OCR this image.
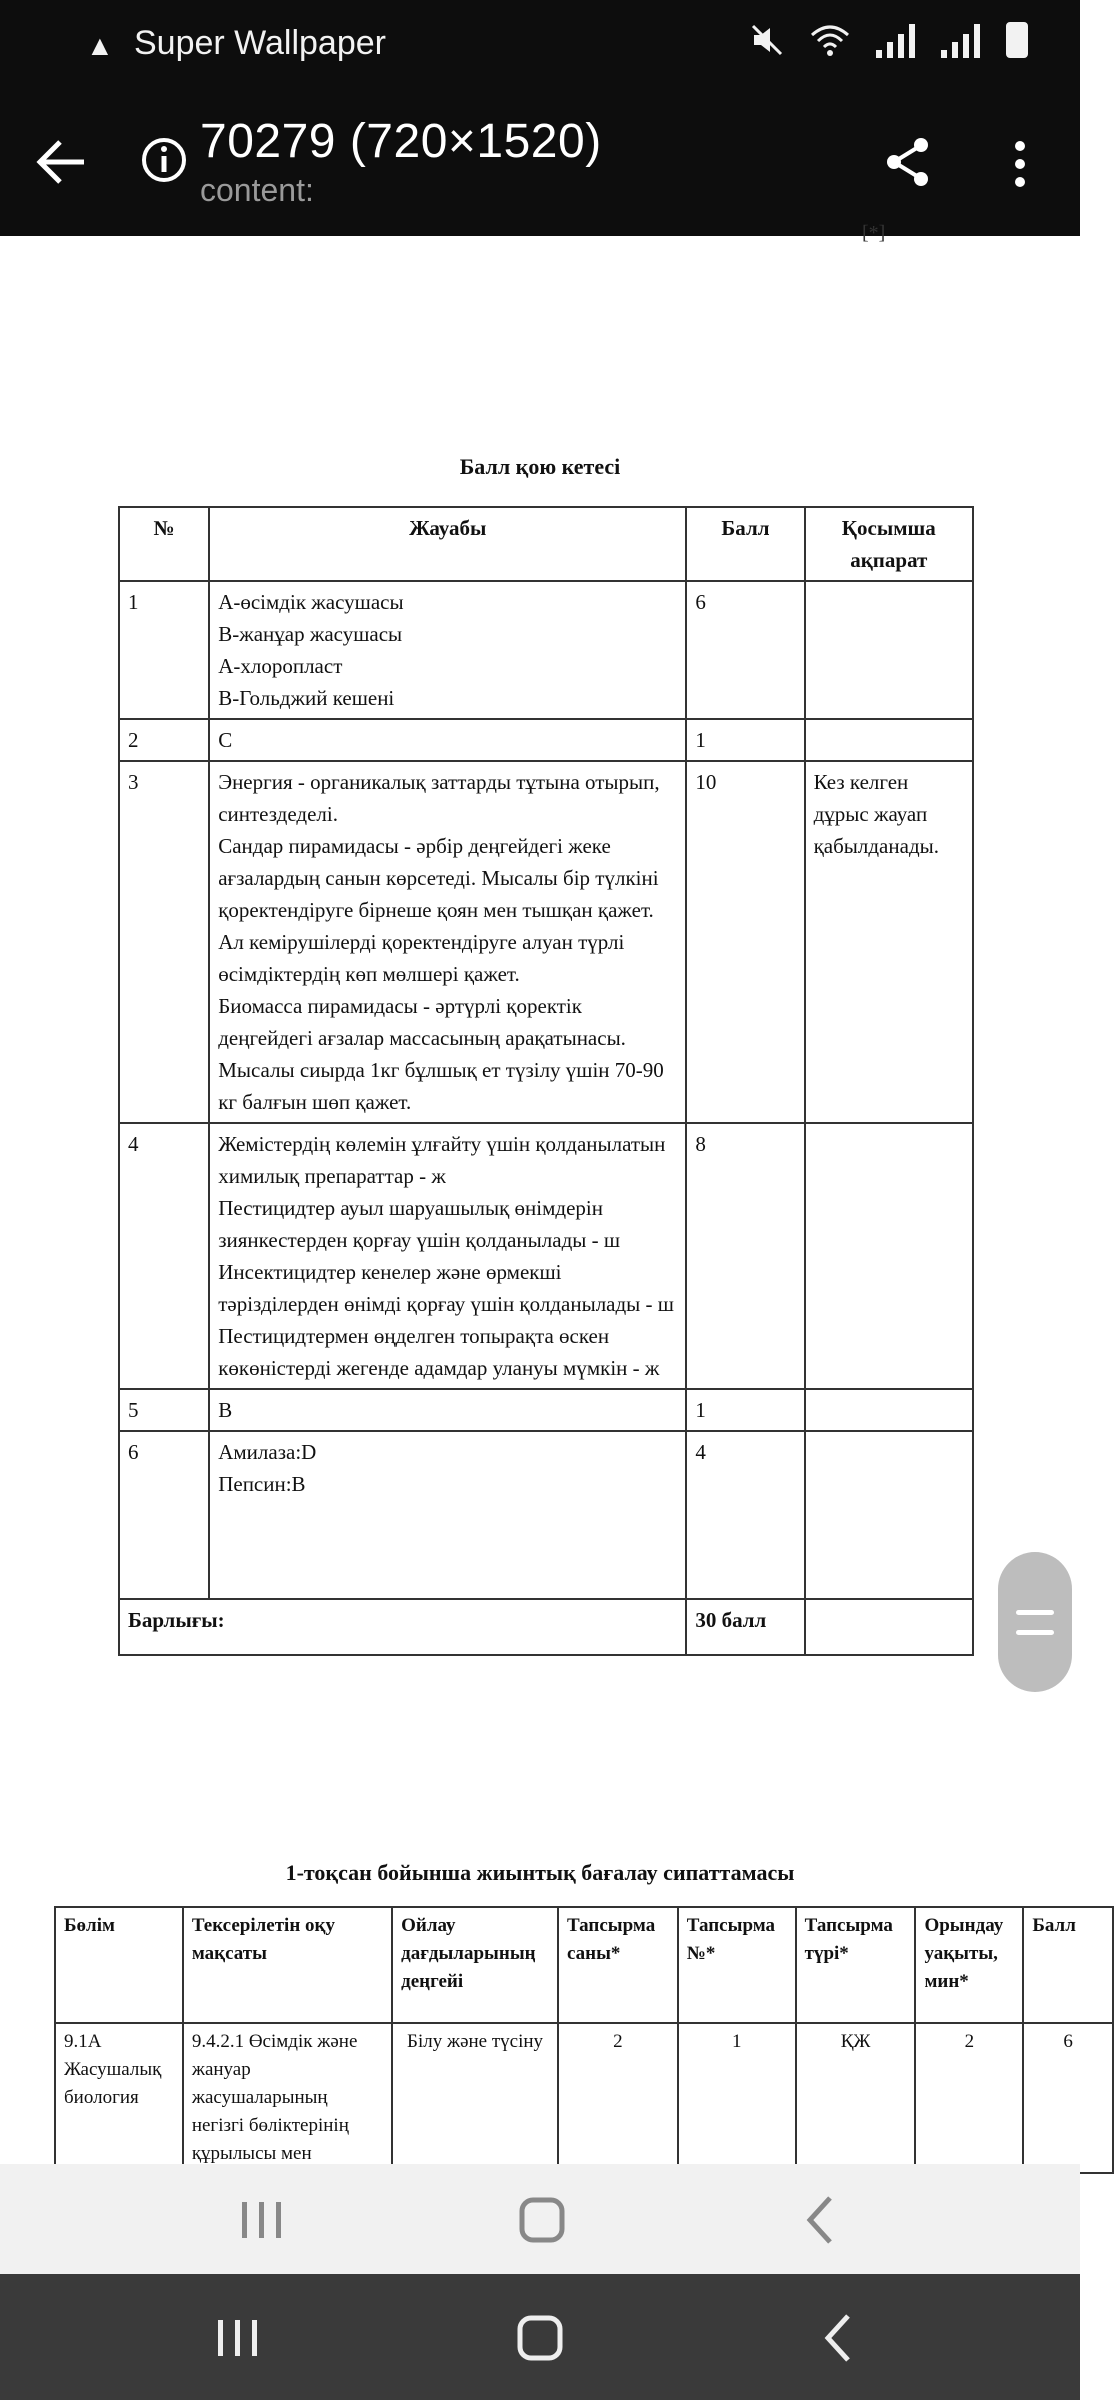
▲ Super Wallpaper
70279 (720×1520)
content:
[*]
Балл қою кетесі
№	Жауабы	Балл	Қосымша ақпарат
1	А-өсімдік жасушасы
В-жанұар жасушасы
А-хлоропласт
В-Гольджий кешені	6	
2	С	1	
3	Энергия - органикалық заттарды тұтына отырып, синтездеделі.
Сандар пирамидасы - әрбір деңгейдегі жеке ағзалардың санын көрсетеді. Мысалы бір түлкіні қоректендіруге бірнеше қоян мен тышқан қажет. Ал кемірушілерді қоректендіруге алуан түрлі өсімдіктердің көп мөлшері қажет.
Биомасса пирамидасы - әртүрлі қоректік деңгейдегі ағзалар массасының арақатынасы. Мысалы сиырда 1кг бұлшық ет түзілу үшін 70-90 кг балғын шөп қажет.	10	Кез келген дұрыс жауап қабылданады.
4	Жемістердің көлемін ұлғайту үшін қолданылатын химилық препараттар - ж
Пестицидтер ауыл шаруашылық өнімдерін зиянкестерден қорғау үшін қолданылады - ш
Инсектицидтер кенелер және өрмекші тәрізділерден өнімді қорғау үшін қолданылады - ш
Пестицидтермен өңделген топырақта өскен көкөністерді жегенде адамдар улануы мүмкін - ж	8	
5	В	1	
6	Амилаза:D
Пепсин:B	4	
Барлығы:		30 балл	
1-тоқсан бойынша жиынтық бағалау сипаттамасы
Бөлім	Тексерілетін оқу мақсаты	Ойлау дағдыларының деңгейі	Тапсырма саны*	Тапсырма №*	Тапсырма түрі*	Орындау уақыты, мин*	Балл
9.1А Жасушалық биология	9.4.2.1 Өсімдік және жануар жасушаларының негізгі бөліктерінің құрылысы мен	Білу және түсіну	2	1	ҚЖ	2	6
